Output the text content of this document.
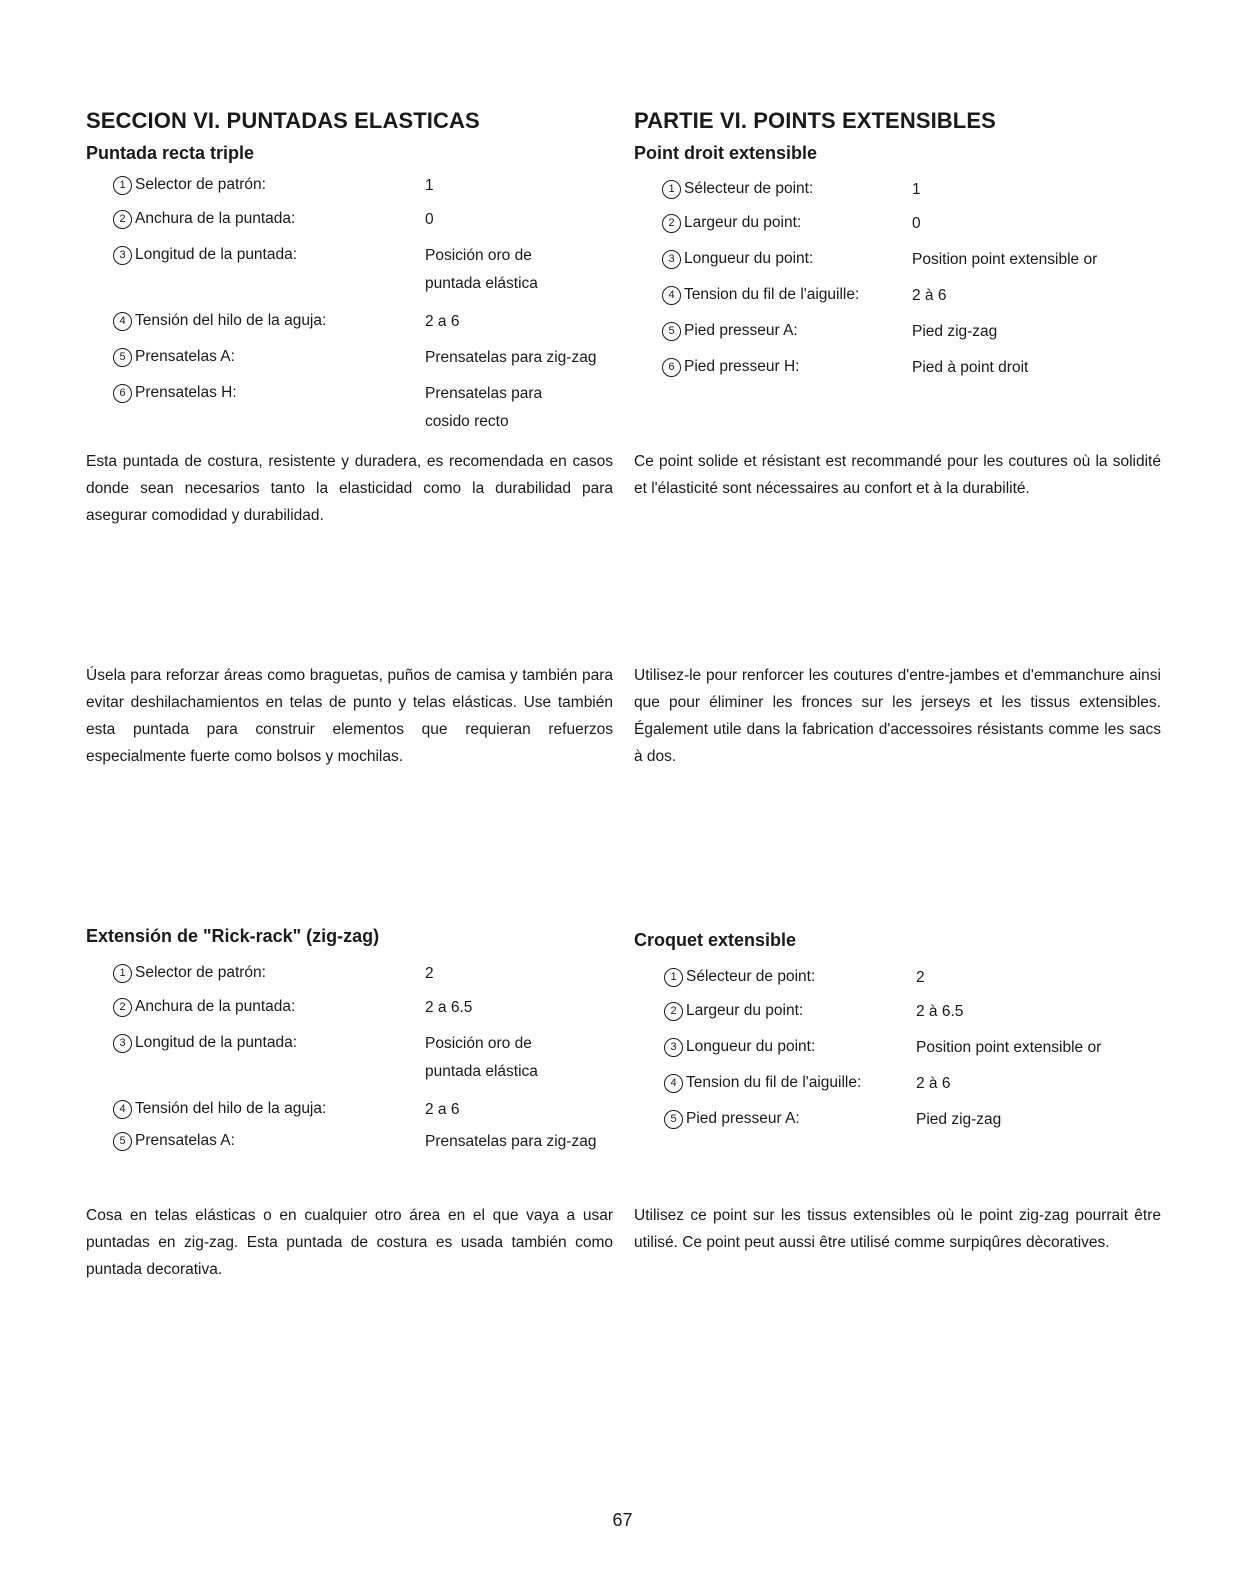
SECCION VI. PUNTADAS ELASTICAS
Puntada recta triple
1 Selector de patrón:	1
2 Anchura de la puntada:	0
3 Longitud de la puntada:	Posición oro de
puntada elástica
4 Tensión del hilo de la aguja:	2 a 6
5 Prensatelas A:	Prensatelas para zig-zag
6 Prensatelas H:	Prensatelas para
cosido recto

Esta puntada de costura, resistente y duradera, es recomendada en casos donde sean necesarios tanto la elasticidad como la durabilidad para asegurar comodidad y durabilidad.

Úsela para reforzar áreas como braguetas, puños de camisa y también para evitar deshilachamientos en telas de punto y telas elásticas. Use también esta puntada para construir elementos que requieran refuerzos especialmente fuerte como bolsos y mochilas.

Extensión de "Rick-rack" (zig-zag)
1 Selector de patrón:	2
2 Anchura de la puntada:	2 a 6.5
3 Longitud de la puntada:	Posición oro de
puntada elástica
4 Tensión del hilo de la aguja:	2 a 6
5 Prensatelas A:	Prensatelas para zig-zag

Cosa en telas elásticas o en cualquier otro área en el que vaya a usar puntadas en zig-zag. Esta puntada de costura es usada también como puntada decorativa.

PARTIE VI. POINTS EXTENSIBLES
Point droit extensible
1 Sélecteur de point:	1
2 Largeur du point:	0
3 Longueur du point:	Position point extensible or
4 Tension du fil de l'aiguille:	2 à 6
5 Pied presseur A:	Pied zig-zag
6 Pied presseur H:	Pied à point droit

Ce point solide et résistant est recommandé pour les coutures où la solidité et l'élasticité sont nécessaires au confort et à la durabilité.

Utilisez-le pour renforcer les coutures d'entre-jambes et d'emmanchure ainsi que pour éliminer les fronces sur les jerseys et les tissus extensibles. Également utile dans la fabrication d'accessoires résistants comme les sacs à dos.

Croquet extensible
1 Sélecteur de point:	2
2 Largeur du point:	2 à 6.5
3 Longueur du point:	Position point extensible or
4 Tension du fil de l'aiguille:	2 à 6
5 Pied presseur A:	Pied zig-zag

Utilisez ce point sur les tissus extensibles où le point zig-zag pourrait être utilisé. Ce point peut aussi être utilisé comme surpiqûres dècoratives.

67
